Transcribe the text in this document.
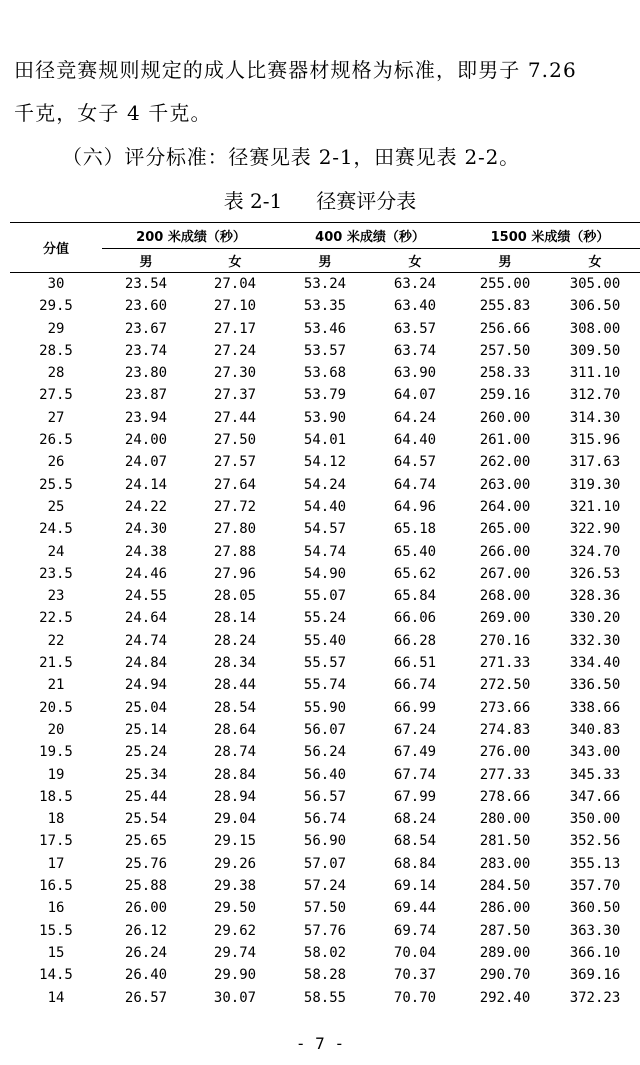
田径竞赛规则规定的成人比赛器材规格为标准，即男子 7.26
千克，女子 4 千克。
（六）评分标准：径赛见表 2-1，田赛见表 2-2。
表 2-1 径赛评分表
分值	200 米成绩（秒）		400 米成绩（秒）		1500 米成绩（秒）	
	男	女	男	女	男	女
30	23.54	27.04	53.24	63.24	255.00	305.00
29.5	23.60	27.10	53.35	63.40	255.83	306.50
29	23.67	27.17	53.46	63.57	256.66	308.00
28.5	23.74	27.24	53.57	63.74	257.50	309.50
28	23.80	27.30	53.68	63.90	258.33	311.10
27.5	23.87	27.37	53.79	64.07	259.16	312.70
27	23.94	27.44	53.90	64.24	260.00	314.30
26.5	24.00	27.50	54.01	64.40	261.00	315.96
26	24.07	27.57	54.12	64.57	262.00	317.63
25.5	24.14	27.64	54.24	64.74	263.00	319.30
25	24.22	27.72	54.40	64.96	264.00	321.10
24.5	24.30	27.80	54.57	65.18	265.00	322.90
24	24.38	27.88	54.74	65.40	266.00	324.70
23.5	24.46	27.96	54.90	65.62	267.00	326.53
23	24.55	28.05	55.07	65.84	268.00	328.36
22.5	24.64	28.14	55.24	66.06	269.00	330.20
22	24.74	28.24	55.40	66.28	270.16	332.30
21.5	24.84	28.34	55.57	66.51	271.33	334.40
21	24.94	28.44	55.74	66.74	272.50	336.50
20.5	25.04	28.54	55.90	66.99	273.66	338.66
20	25.14	28.64	56.07	67.24	274.83	340.83
19.5	25.24	28.74	56.24	67.49	276.00	343.00
19	25.34	28.84	56.40	67.74	277.33	345.33
18.5	25.44	28.94	56.57	67.99	278.66	347.66
18	25.54	29.04	56.74	68.24	280.00	350.00
17.5	25.65	29.15	56.90	68.54	281.50	352.56
17	25.76	29.26	57.07	68.84	283.00	355.13
16.5	25.88	29.38	57.24	69.14	284.50	357.70
16	26.00	29.50	57.50	69.44	286.00	360.50
15.5	26.12	29.62	57.76	69.74	287.50	363.30
15	26.24	29.74	58.02	70.04	289.00	366.10
14.5	26.40	29.90	58.28	70.37	290.70	369.16
14	26.57	30.07	58.55	70.70	292.40	372.23
- 7 -
